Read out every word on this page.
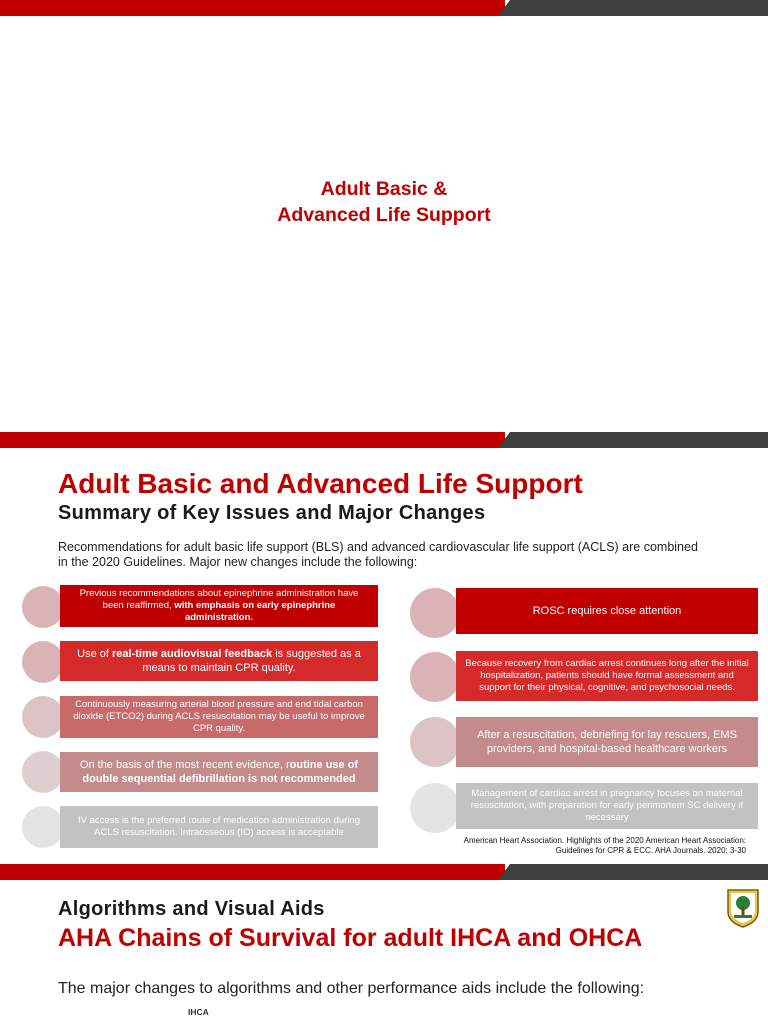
Adult Basic &
Advanced Life Support
Adult Basic and Advanced Life Support
Summary of Key Issues and Major Changes

Recommendations for adult basic life support (BLS) and advanced cardiovascular life support (ACLS) are combined in the 2020 Guidelines. Major new changes include the following:

Previous recommendations about epinephrine administration have been reaffirmed, with emphasis on early epinephrine administration.
Use of real-time audiovisual feedback is suggested as a means to maintain CPR quality.
Continuously measuring arterial blood pressure and end tidal carbon dioxide (ETCO2) during ACLS resuscitation may be useful to improve CPR quality.
On the basis of the most recent evidence, routine use of double sequential defibrillation is not recommended
IV access is the preferred route of medication administration during ACLS resuscitation. Intraosseous (IO) access is acceptable
ROSC requires close attention
Because recovery from cardiac arrest continues long after the initial hospitalization, patients should have formal assessment and support for their physical, cognitive, and psychosocial needs.
After a resuscitation, debriefing for lay rescuers, EMS providers, and hospital-based healthcare workers
Management of cardiac arrest in pregnancy focuses on maternal resuscitation, with preparation for early perimortem SC delivery if necessary
American Heart Association. Highlights of the 2020 American Heart Association:
Guidelines for CPR & ECC. AHA Journals. 2020; 3-30
Algorithms and Visual Aids
AHA Chains of Survival for adult IHCA and OHCA

The major changes to algorithms and other performance aids include the following:

IHCA
